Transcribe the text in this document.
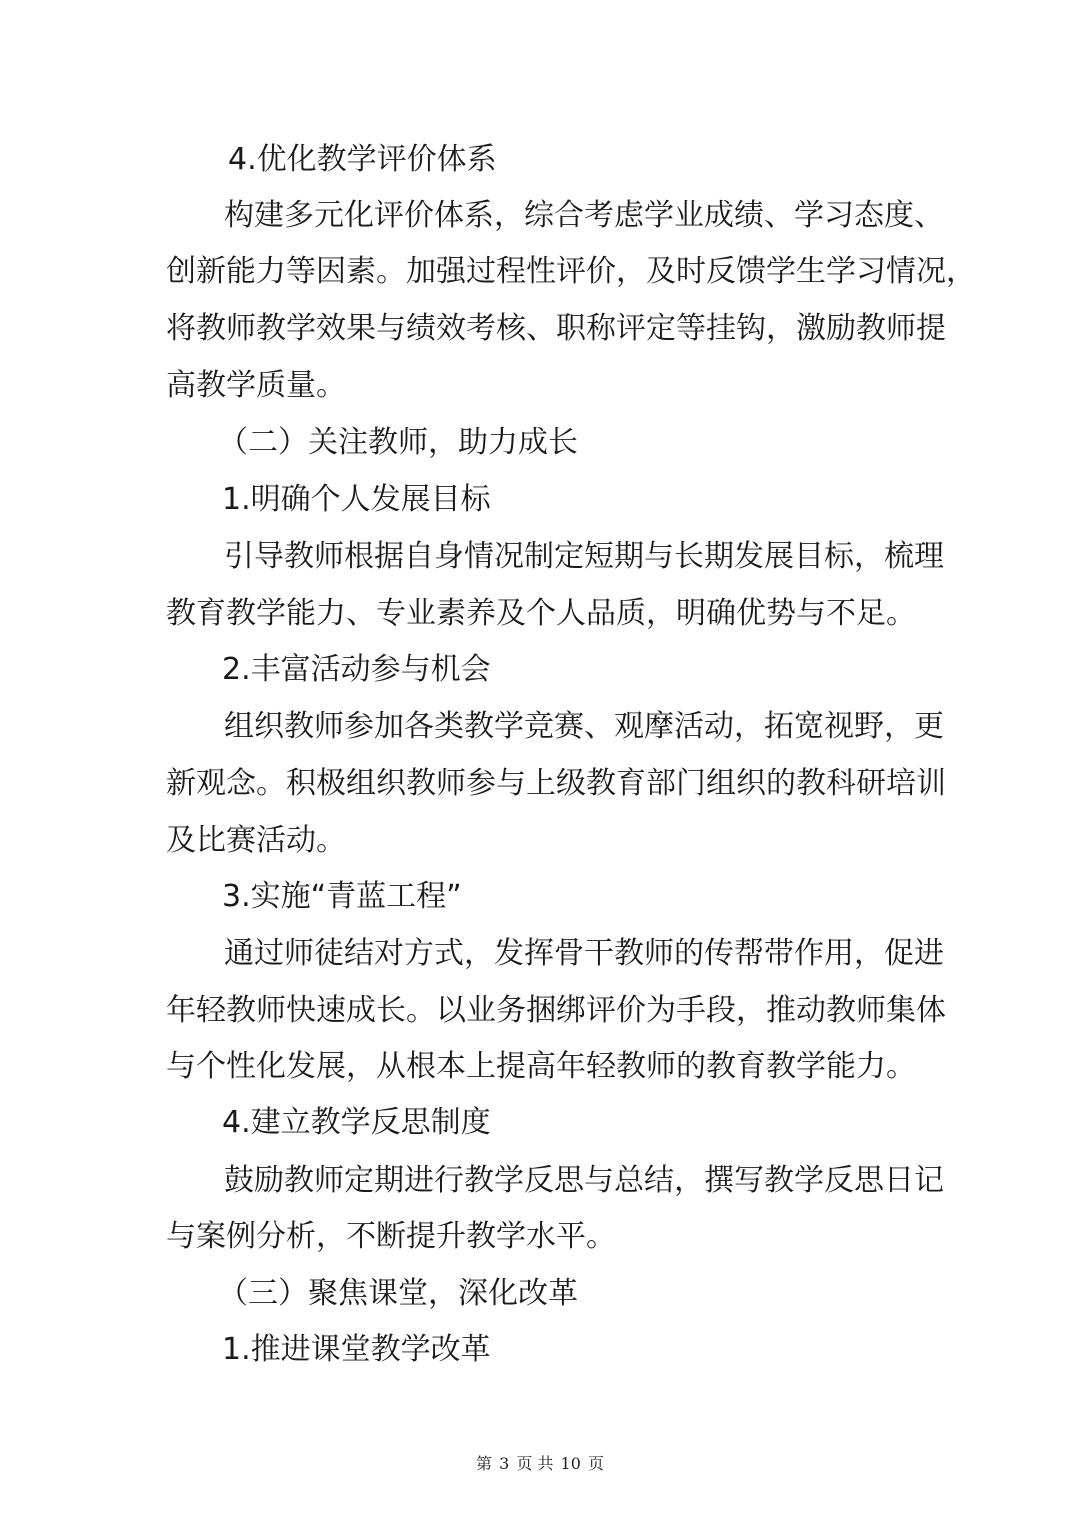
4.优化教学评价体系

构建多元化评价体系，综合考虑学业成绩、学习态度、

创新能力等因素。加强过程性评价，及时反馈学生学习情况，

将教师教学效果与绩效考核、职称评定等挂钩，激励教师提

高教学质量。

（二）关注教师，助力成长
1.明确个人发展目标

引导教师根据自身情况制定短期与长期发展目标，梳理

教育教学能力、专业素养及个人品质，明确优势与不足。

2.丰富活动参与机会

组织教师参加各类教学竞赛、观摩活动，拓宽视野，更

新观念。积极组织教师参与上级教育部门组织的教科研培训

及比赛活动。

3.实施“青蓝工程”

通过师徒结对方式，发挥骨干教师的传帮带作用，促进

年轻教师快速成长。以业务捆绑评价为手段，推动教师集体

与个性化发展，从根本上提高年轻教师的教育教学能力。

4.建立教学反思制度

鼓励教师定期进行教学反思与总结，撰写教学反思日记

与案例分析，不断提升教学水平。

（三）聚焦课堂，深化改革
1.推进课堂教学改革
第 3 页 共 10 页
